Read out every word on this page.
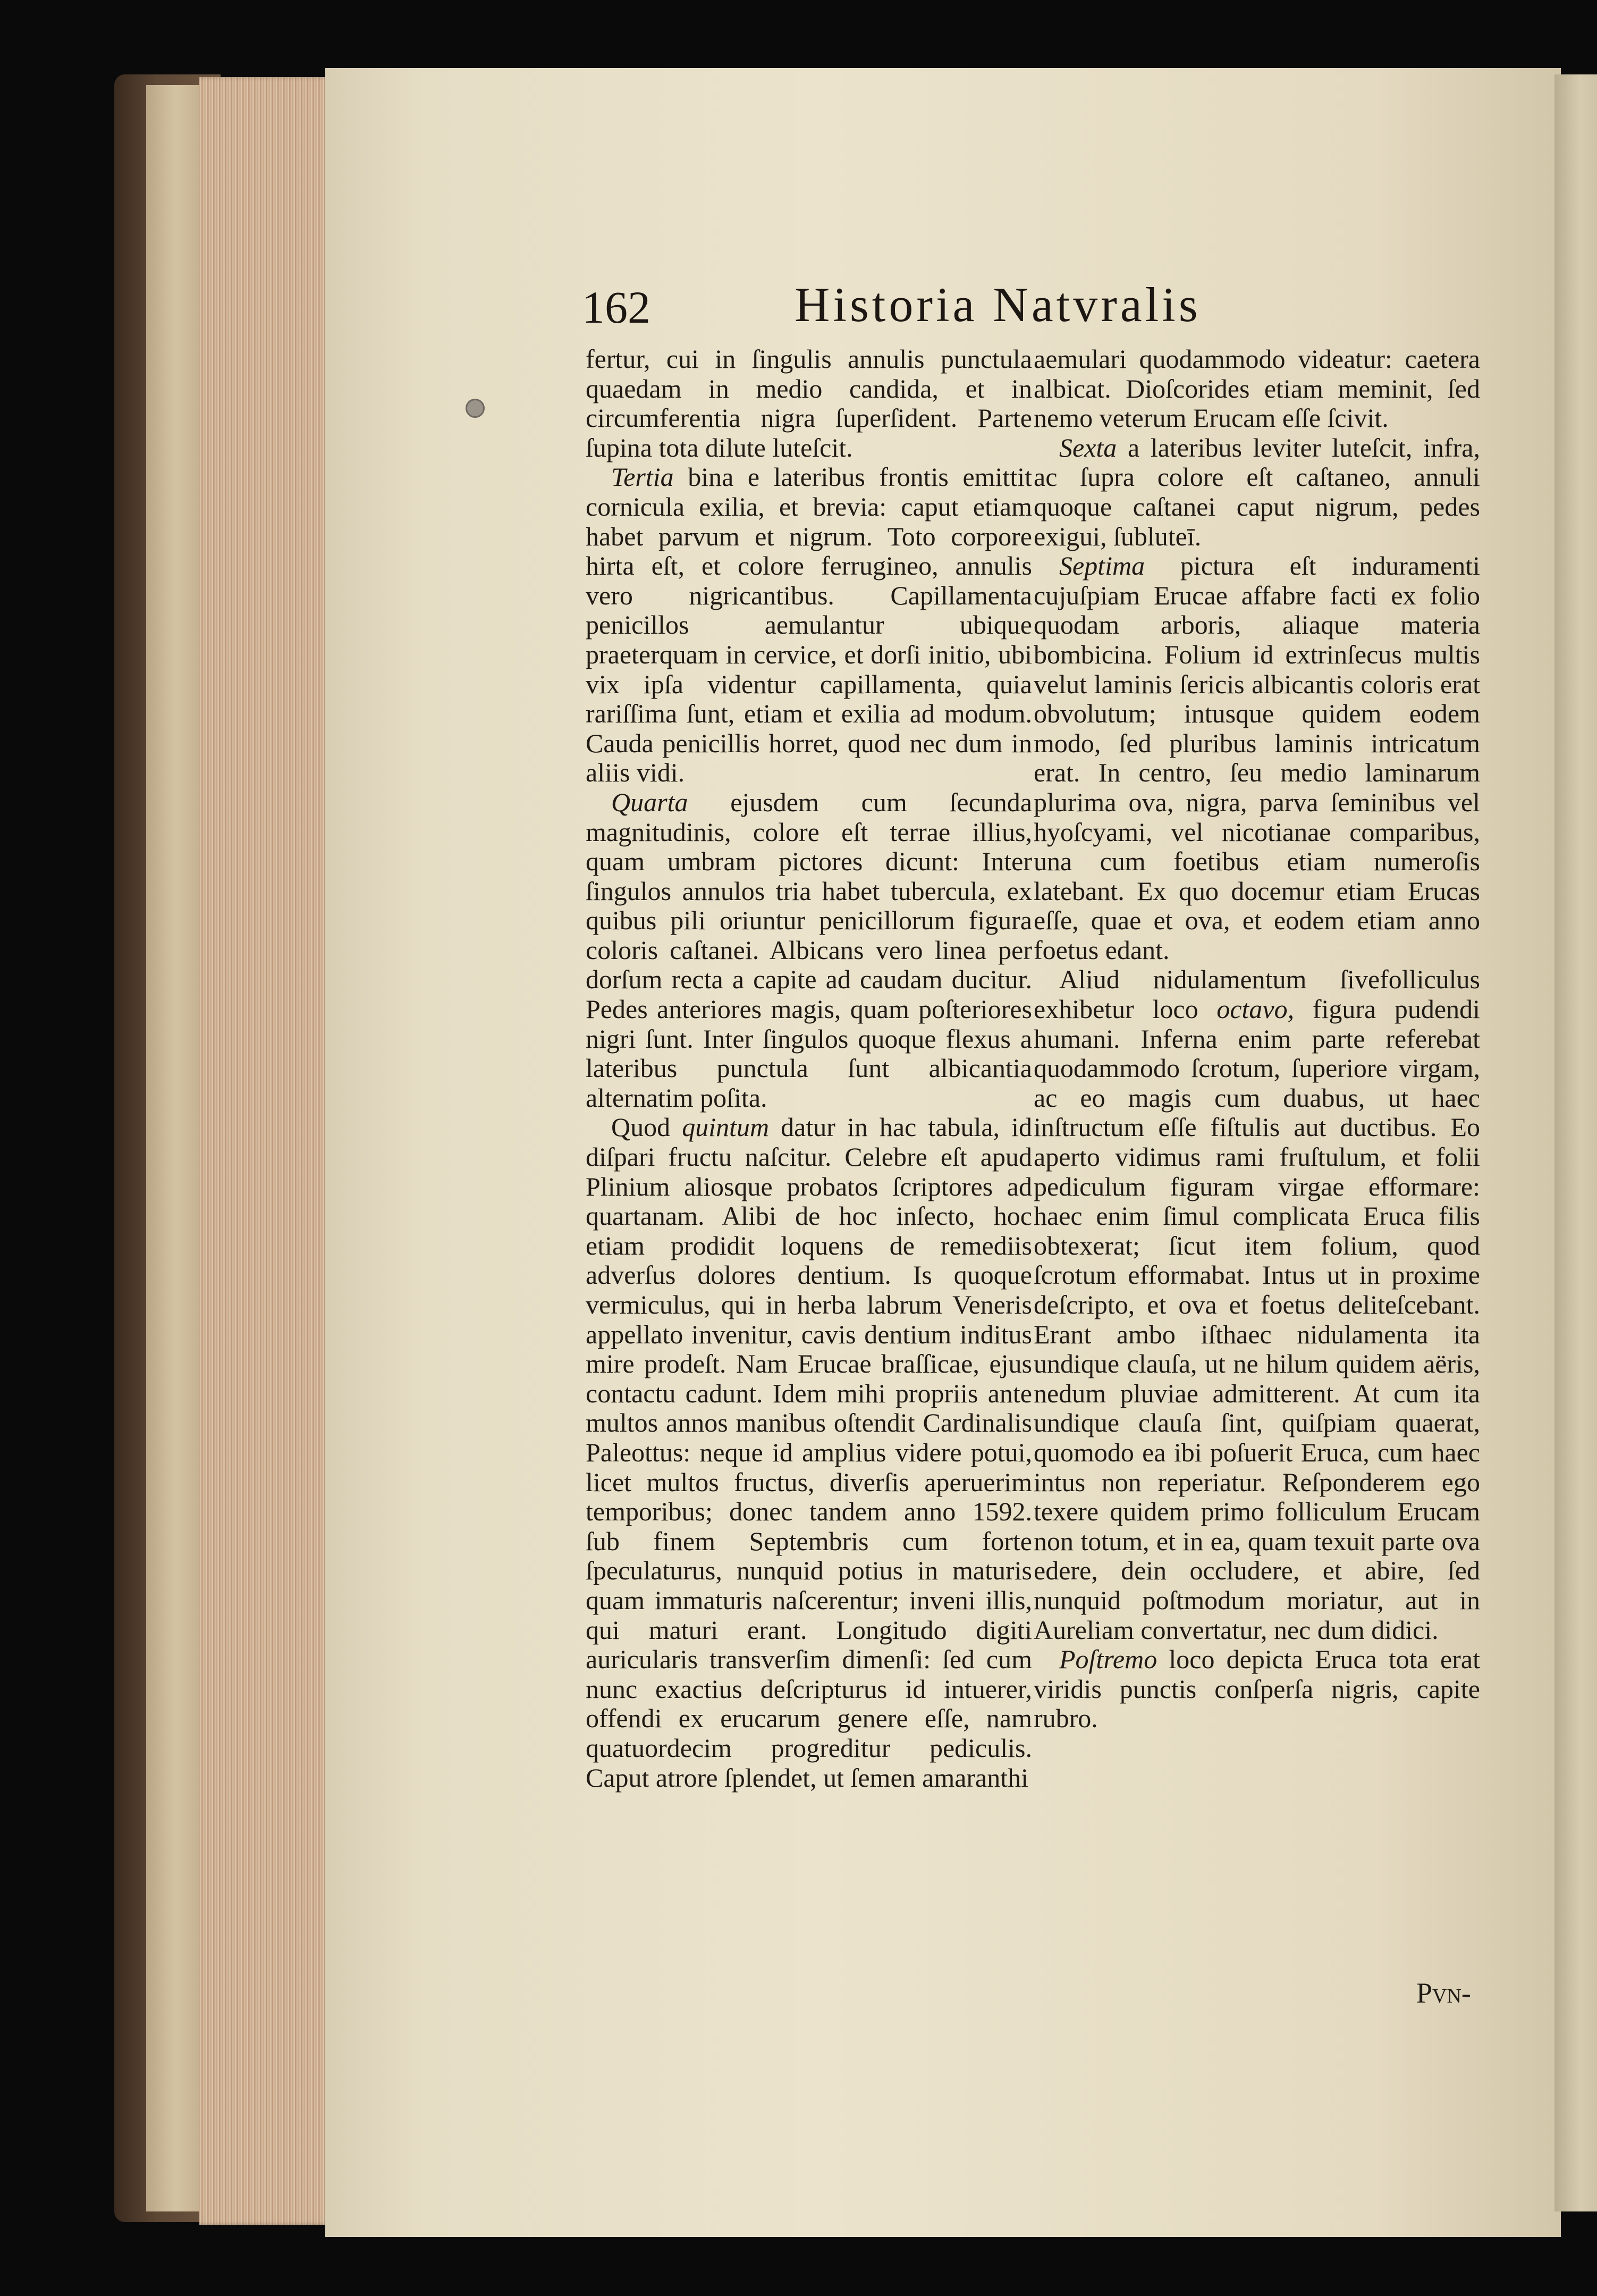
162	Historia Natvralis

fertur, cui in ſingulis annulis punctula quaedam in medio candida, et in circumferentia nigra ſuperſident. Parte ſupina tota dilute luteſcit.

Tertia bina e lateribus frontis emittit cornicula exilia, et brevia: caput etiam habet parvum et nigrum. Toto corpore hirta eſt, et colore ferrugineo, annulis vero nigricantibus. Capillamenta penicillos aemulantur ubique praeterquam in cervice, et dorſi initio, ubi vix ipſa videntur capillamenta, quia rariſſima ſunt, etiam et exilia ad modum. Cauda penicillis horret, quod nec dum in aliis vidi.

Quarta ejusdem cum ſecunda magnitudinis, colore eſt terrae illius, quam umbram pictores dicunt: Inter ſingulos annulos tria habet tubercula, ex quibus pili oriuntur penicillorum figura coloris caſtanei. Albicans vero linea per dorſum recta a capite ad caudam ducitur. Pedes anteriores magis, quam poſteriores nigri ſunt. Inter ſingulos quoque flexus a lateribus punctula ſunt albicantia alternatim poſita.

Quod quintum datur in hac tabula, id diſpari fructu naſcitur. Celebre eſt apud Plinium aliosque probatos ſcriptores ad quartanam. Alibi de hoc inſecto, hoc etiam prodidit loquens de remediis adverſus dolores dentium. Is quoque vermiculus, qui in herba labrum Veneris appellato invenitur, cavis dentium inditus mire prodeſt. Nam Erucae braſſicae, ejus contactu cadunt. Idem mihi propriis ante multos annos manibus oſtendit Cardinalis Paleottus: neque id amplius videre potui, licet multos fructus, diverſis aperuerim temporibus; donec tandem anno 1592. ſub finem Septembris cum forte ſpeculaturus, nunquid potius in maturis quam immaturis naſcerentur; inveni illis, qui maturi erant. Longitudo digiti auricularis transverſim dimenſi: ſed cum nunc exactius deſcripturus id intuerer, offendi ex erucarum genere eſſe, nam quatuordecim progreditur pediculis. Caput atrore ſplendet, ut ſemen amaranthi

aemulari quodammodo videatur: caetera albicat. Dioſcorides etiam meminit, ſed nemo veterum Erucam eſſe ſcivit.

Sexta a lateribus leviter luteſcit, infra, ac ſupra colore eſt caſtaneo, annuli quoque caſtanei caput nigrum, pedes exigui, ſubluteī.

Septima pictura eſt induramenti cujuſpiam Erucae affabre facti ex folio quodam arboris, aliaque materia bombicina. Folium id extrinſecus multis velut laminis ſericis albicantis coloris erat obvolutum; intusque quidem eodem modo, ſed pluribus laminis intricatum erat. In centro, ſeu medio laminarum plurima ova, nigra, parva ſeminibus vel hyoſcyami, vel nicotianae comparibus, una cum foetibus etiam numeroſis latebant. Ex quo docemur etiam Erucas eſſe, quae et ova, et eodem etiam anno foetus edant.

Aliud nidulamentum ſivefolliculus exhibetur loco octavo, figura pudendi humani. Inferna enim parte referebat quodammodo ſcrotum, ſuperiore virgam, ac eo magis cum duabus, ut haec inſtructum eſſe fiſtulis aut ductibus. Eo aperto vidimus rami fruſtulum, et folii pediculum figuram virgae efformare: haec enim ſimul complicata Eruca filis obtexerat; ſicut item folium, quod ſcrotum efformabat. Intus ut in proxime deſcripto, et ova et foetus deliteſcebant. Erant ambo iſthaec nidulamenta ita undique clauſa, ut ne hilum quidem aëris, nedum pluviae admitterent. At cum ita undique clauſa ſint, quiſpiam quaerat, quomodo ea ibi poſuerit Eruca, cum haec intus non reperiatur. Reſponderem ego texere quidem primo folliculum Erucam non totum, et in ea, quam texuit parte ova edere, dein occludere, et abire, ſed nunquid poſtmodum moriatur, aut in Aureliam convertatur, nec dum didici.

Poſtremo loco depicta Eruca tota erat viridis punctis conſperſa nigris, capite rubro.

Pvn-
